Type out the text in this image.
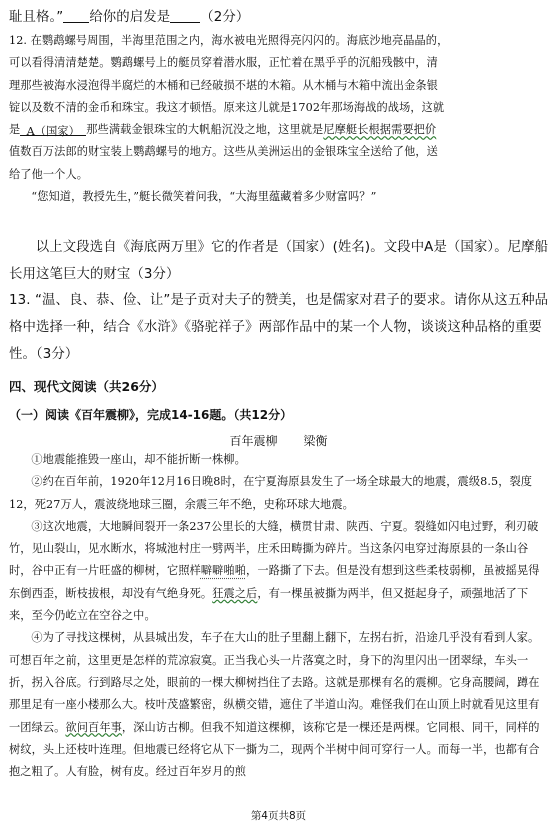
耻且格。” 给你的启发是 （2分）

12. 在鹦鹉螺号周围，半海里范围之内，海水被电光照得亮闪闪的。海底沙地亮晶晶的，
可以看得清清楚楚。鹦鹉螺号上的艇员穿着潜水服，正忙着在黑乎乎的沉船残骸中，清
理那些被海水浸泡得半腐烂的木桶和已经破损不堪的木箱。从木桶与木箱中流出金条银
锭以及数不清的金币和珠宝。我这才顿悟。原来这儿就是1702年那场海战的战场，这就
是 A（国家） 那些满载金银珠宝的大帆船沉没之地，这里就是尼摩艇长根据需要把价
值数百万法郎的财宝装上鹦鹉螺号的地方。这些从美洲运出的金银珠宝全送给了他，送
给了他一个人。
“您知道，教授先生，”艇长微笑着问我，“大海里蕴藏着多少财富吗？”

以上文段选自《海底两万里》它的作者是（国家）(姓名)。文段中A是（国家）。尼摩船长用这笔巨大的财宝（3分）

13. “温、良、恭、俭、让”是子贡对夫子的赞美，也是儒家对君子的要求。请你从这五种品格中选择一种，结合《水浒》《骆驼祥子》两部作品中的某一个人物，谈谈这种品格的重要性。（3分）

四、现代文阅读（共26分）

（一）阅读《百年震柳》，完成14-16题。（共12分）

百年震柳 梁衡
①地震能推毁一座山，却不能折断一株柳。
②约在百年前，1920年12月16日晚8时，在宁夏海原县发生了一场全球最大的地震，震级8.5，裂度12，死27万人，震波绕地球三圈，余震三年不绝，史称环球大地震。
③这次地震，大地瞬间裂开一条237公里长的大缝，横贯甘肃、陕西、宁夏。裂缝如闪电过野，利刃破竹，见山裂山，见水断水，将城池村庄一劈两半，庄禾田畴撕为碎片。当这条闪电穿过海原县的一条山谷时，谷中正有一片旺盛的柳树，它照样噼噼啪啪，一路撕了下去。但是没有想到这些柔枝弱柳，虽被摇晃得东倒西歪，断枝拔根，却没有气绝身死。狂震之后，有一棵虽被撕为两半，但又挺起身子，顽强地活了下来，至今仍屹立在空谷之中。
④为了寻找这棵树，从县城出发，车子在大山的肚子里翻上翻下，左拐右折，沿途几乎没有看到人家。可想百年之前，这里更是怎样的荒凉寂寞。正当我心头一片落寞之时，身下的沟里闪出一团翠绿，车头一折，拐入谷底。行到路尽之处，眼前的一棵大柳树挡住了去路。这就是那棵有名的震柳。它身高腰阔，蹲在那里足有一座小楼那么大。枝叶茂盛繁密，纵横交错，遮住了半道山沟。难怪我们在山顶上时就看见这里有一团绿云。欲问百年事，深山访古柳。但我不知道这棵柳，该称它是一棵还是两棵。它同根、同干，同样的树纹，头上还枝叶连理。但地震已经将它从下一撕为二，现两个半树中间可穿行一人。而每一半，也都有合抱之粗了。人有脸，树有皮。经过百年岁月的煎
第4页共8页
